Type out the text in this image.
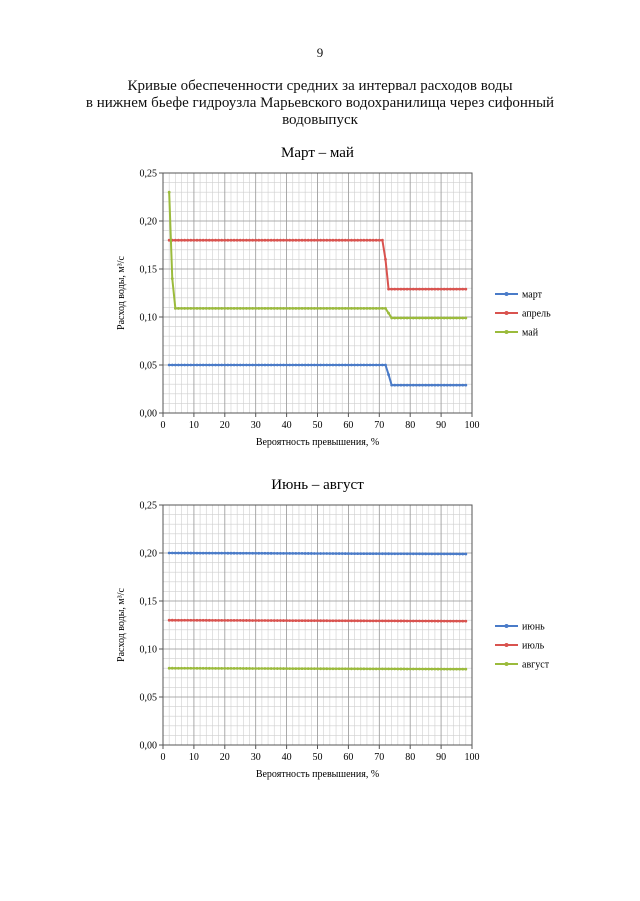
9
Кривые обеспеченности средних за интервал расходов воды
в нижнем бьефе гидроузла Марьевского водохранилища через сифонный
водовыпуск
Март – май
0 10 20 30 40 50 60 70 80 90 100
0,00
0,05
0,10
0,15
0,20
0,25
Вероятность превышения, %
Расход воды, м³/с	март
апрель
май
Июнь – август
0 10 20 30 40 50 60 70 80 90 100
0,00
0,05
0,10
0,15
0,20
0,25
Вероятность превышения, %
Расход воды, м³/с	июнь
июль
август
